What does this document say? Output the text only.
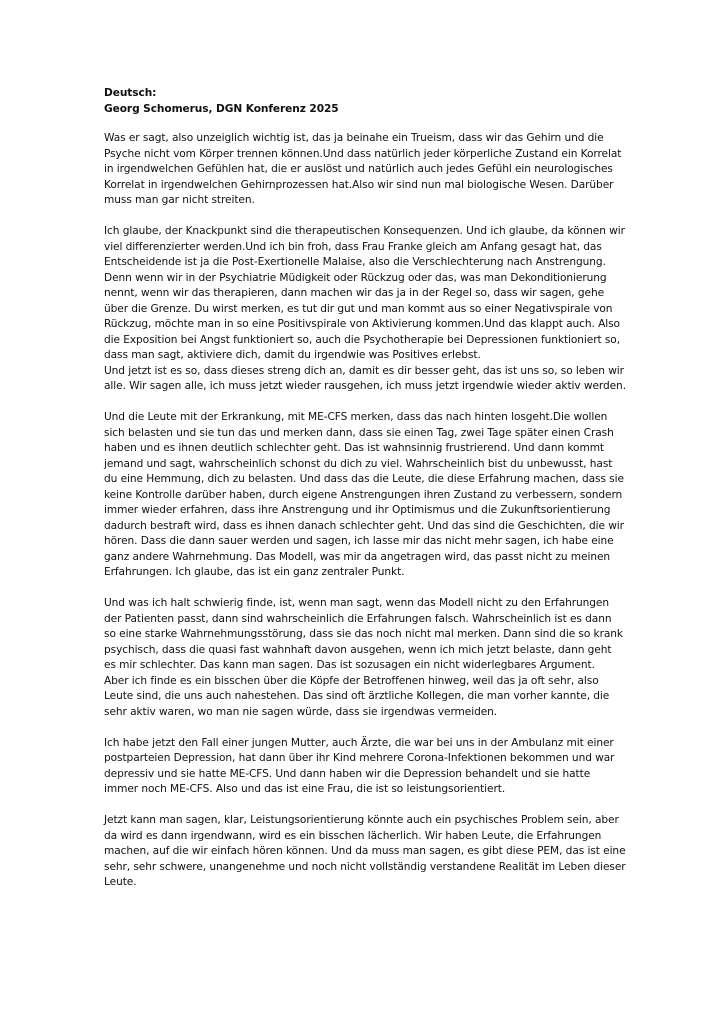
Deutsch:
Georg Schomerus, DGN Konferenz 2025
Was er sagt, also unzeiglich wichtig ist, das ja beinahe ein Trueism, dass wir das Gehirn und die Psyche nicht vom Körper trennen können.Und dass natürlich jeder körperliche Zustand ein Korrelat in irgendwelchen Gefühlen hat, die er auslöst und natürlich auch jedes Gefühl ein neurologisches Korrelat in irgendwelchen Gehirnprozessen hat.Also wir sind nun mal biologische Wesen. Darüber muss man gar nicht streiten.
Ich glaube, der Knackpunkt sind die therapeutischen Konsequenzen. Und ich glaube, da können wir viel differenzierter werden.Und ich bin froh, dass Frau Franke gleich am Anfang gesagt hat, das Entscheidende ist ja die Post-Exertionelle Malaise, also die Verschlechterung nach Anstrengung. Denn wenn wir in der Psychiatrie Müdigkeit oder Rückzug oder das, was man Dekonditionierung nennt, wenn wir das therapieren, dann machen wir das ja in der Regel so, dass wir sagen, gehe über die Grenze. Du wirst merken, es tut dir gut und man kommt aus so einer Negativspirale von Rückzug, möchte man in so eine Positivspirale von Aktivierung kommen.Und das klappt auch. Also die Exposition bei Angst funktioniert so, auch die Psychotherapie bei Depressionen funktioniert so, dass man sagt, aktiviere dich, damit du irgendwie was Positives erlebst.
Und jetzt ist es so, dass dieses streng dich an, damit es dir besser geht, das ist uns so, so leben wir alle. Wir sagen alle, ich muss jetzt wieder rausgehen, ich muss jetzt irgendwie wieder aktiv werden.
Und die Leute mit der Erkrankung, mit ME-CFS merken, dass das nach hinten losgeht.Die wollen sich belasten und sie tun das und merken dann, dass sie einen Tag, zwei Tage später einen Crash haben und es ihnen deutlich schlechter geht. Das ist wahnsinnig frustrierend. Und dann kommt jemand und sagt, wahrscheinlich schonst du dich zu viel. Wahrscheinlich bist du unbewusst, hast du eine Hemmung, dich zu belasten. Und dass das die Leute, die diese Erfahrung machen, dass sie keine Kontrolle darüber haben, durch eigene Anstrengungen ihren Zustand zu verbessern, sondern immer wieder erfahren, dass ihre Anstrengung und ihr Optimismus und die Zukunftsorientierung dadurch bestraft wird, dass es ihnen danach schlechter geht. Und das sind die Geschichten, die wir hören. Dass die dann sauer werden und sagen, ich lasse mir das nicht mehr sagen, ich habe eine ganz andere Wahrnehmung. Das Modell, was mir da angetragen wird, das passt nicht zu meinen Erfahrungen. Ich glaube, das ist ein ganz zentraler Punkt.
Und was ich halt schwierig finde, ist, wenn man sagt, wenn das Modell nicht zu den Erfahrungen der Patienten passt, dann sind wahrscheinlich die Erfahrungen falsch. Wahrscheinlich ist es dann so eine starke Wahrnehmungsstörung, dass sie das noch nicht mal merken. Dann sind die so krank psychisch, dass die quasi fast wahnhaft davon ausgehen, wenn ich mich jetzt belaste, dann geht es mir schlechter. Das kann man sagen. Das ist sozusagen ein nicht widerlegbares Argument.
Aber ich finde es ein bisschen über die Köpfe der Betroffenen hinweg, weil das ja oft sehr, also Leute sind, die uns auch nahestehen. Das sind oft ärztliche Kollegen, die man vorher kannte, die sehr aktiv waren, wo man nie sagen würde, dass sie irgendwas vermeiden.
Ich habe jetzt den Fall einer jungen Mutter, auch Ärzte, die war bei uns in der Ambulanz mit einer postparteien Depression, hat dann über ihr Kind mehrere Corona-Infektionen bekommen und war depressiv und sie hatte ME-CFS. Und dann haben wir die Depression behandelt und sie hatte immer noch ME-CFS. Also und das ist eine Frau, die ist so leistungsorientiert.
Jetzt kann man sagen, klar, Leistungsorientierung könnte auch ein psychisches Problem sein, aber da wird es dann irgendwann, wird es ein bisschen lächerlich. Wir haben Leute, die Erfahrungen machen, auf die wir einfach hören können. Und da muss man sagen, es gibt diese PEM, das ist eine sehr, sehr schwere, unangenehme und noch nicht vollständig verstandene Realität im Leben dieser Leute.
